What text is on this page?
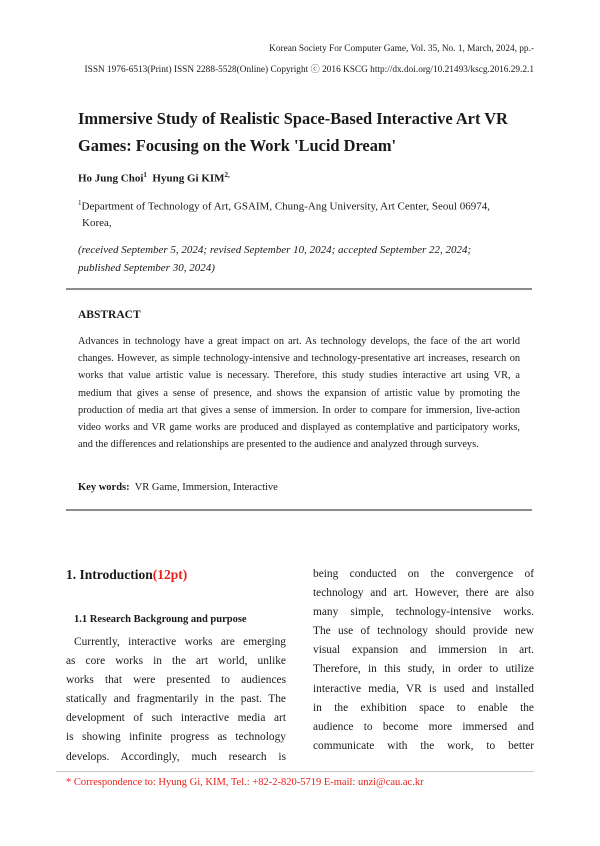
Korean Society For Computer Game, Vol. 35, No. 1, March, 2024, pp.-
ISSN 1976-6513(Print) ISSN 2288-5528(Online) Copyright ⓒ 2016 KSCG http://dx.doi.org/10.21493/kscg.2016.29.2.1
Immersive Study of Realistic Space-Based Interactive Art VR
Games: Focusing on the Work 'Lucid Dream'
Ho Jung Choi$^1$ Hyung Gi $KIM^{2,}$
$^1$Department of Technology of Art, GSAIM, Chung-Ang University, Art Center, Seoul 06974,
Korea,
(received September 5, 2024; revised September 10, 2024; accepted September 22, 2024;
published September 30, 2024)
ABSTRACT
Advances in technology have a great impact on art. As technology develops, the face of the art world changes. However, as simple technology-intensive and technology-presentative art increases, research on works that value artistic value is necessary. Therefore, this study studies interactive art using VR, a medium that gives a sense of presence, and shows the expansion of artistic value by promoting the production of media art that gives a sense of immersion. In order to compare for immersion, live-action video works and VR game works are produced and displayed as contemplative and participatory works, and the differences and relationships are presented to the audience and analyzed through surveys.
Key words: VR Game, Immersion, Interactive
1. Introduction(12pt)
1.1 Research Backgroung and purpose
Currently, interactive works are emerging
as core works in the art world, unlike
works that were presented to audiences
statically and fragmentarily in the past. The
development of such interactive media art
is showing infinite progress as technology
develops. Accordingly, much research is
being conducted on the convergence of
technology and art. However, there are also
many simple, technology-intensive works.
The use of technology should provide new
visual expansion and immersion in art.
Therefore, in this study, in order to utilize
interactive media, VR is used and installed
in the exhibition space to enable the
audience to become more immersed and
communicate with the work, to better
* Correspondence to: Hyung Gi, KIM, Tel.: +82-2-820-5719 E-mail: unzi@cau.ac.kr
